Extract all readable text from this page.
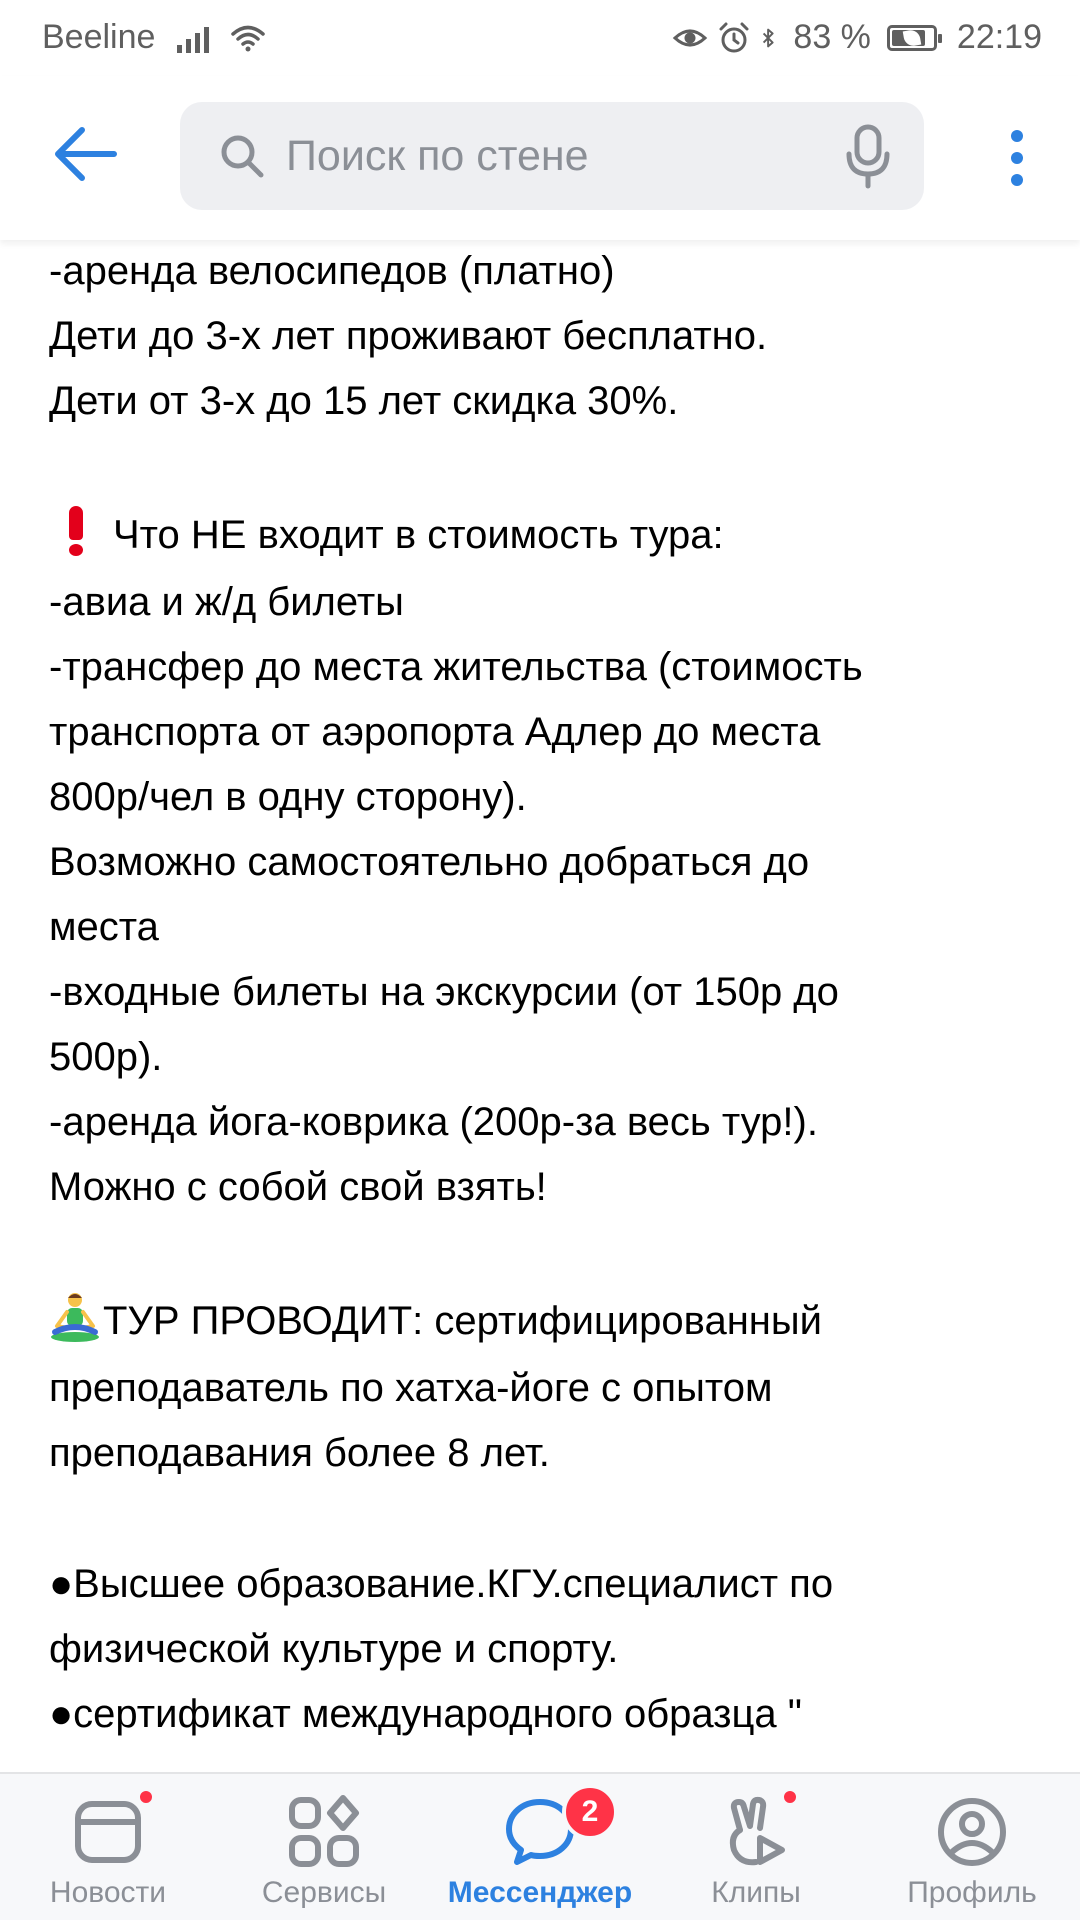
Beeline	83 %	22:19
Поиск по стене
-аренда велосипедов (платно)
Дети до 3-х лет проживают бесплатно.
Дети от 3-х до 15 лет скидка 30%.
Что НЕ входит в стоимость тура:
-авиа и ж/д билеты
-трансфер до места жительства (стоимость
транспорта от аэропорта Адлер до места
800р/чел в одну сторону).
Возможно самостоятельно добраться до
места
-входные билеты на экскурсии (от 150р до
500р).
-аренда йога-коврика (200р-за весь тур!).
Можно с собой свой взять!
ТУР ПРОВОДИТ: сертифицированный
преподаватель по хатха-йоге с опытом
преподавания более 8 лет.
●Высшее образование.КГУ.специалист по
физической культуре и спорту.
●сертификат международного образца "
Новости	Сервисы
2
Мессенджер	Клипы	Профиль
